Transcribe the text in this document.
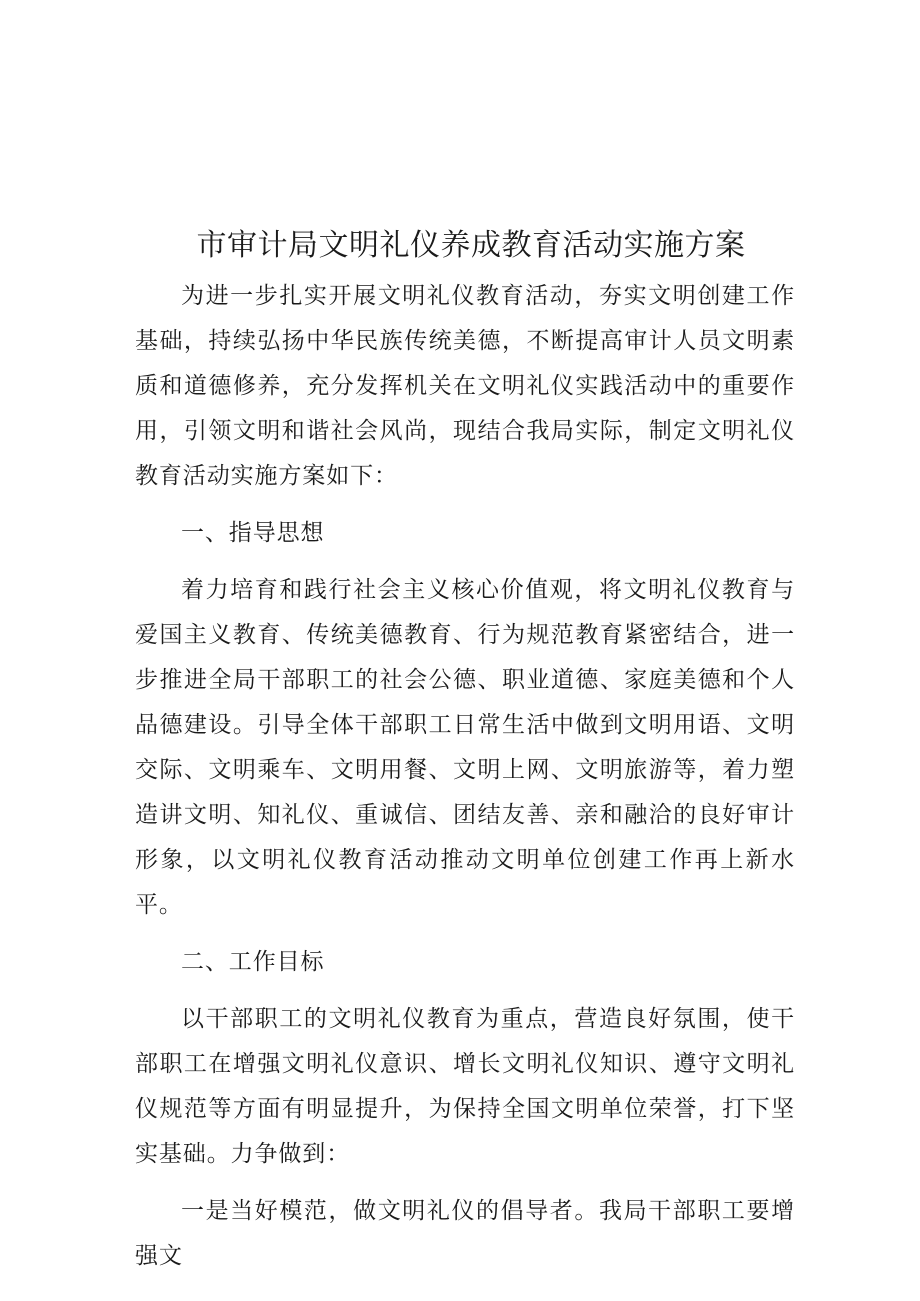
市审计局文明礼仪养成教育活动实施方案

为进一步扎实开展文明礼仪教育活动，夯实文明创建工作基础，持续弘扬中华民族传统美德，不断提高审计人员文明素质和道德修养，充分发挥机关在文明礼仪实践活动中的重要作用，引领文明和谐社会风尚，现结合我局实际，制定文明礼仪教育活动实施方案如下：

一、指导思想

着力培育和践行社会主义核心价值观，将文明礼仪教育与爱国主义教育、传统美德教育、行为规范教育紧密结合，进一步推进全局干部职工的社会公德、职业道德、家庭美德和个人品德建设。引导全体干部职工日常生活中做到文明用语、文明交际、文明乘车、文明用餐、文明上网、文明旅游等，着力塑造讲文明、知礼仪、重诚信、团结友善、亲和融洽的良好审计形象，以文明礼仪教育活动推动文明单位创建工作再上新水平。

二、工作目标

以干部职工的文明礼仪教育为重点，营造良好氛围，使干部职工在增强文明礼仪意识、增长文明礼仪知识、遵守文明礼仪规范等方面有明显提升，为保持全国文明单位荣誉，打下坚实基础。力争做到：

一是当好模范，做文明礼仪的倡导者。我局干部职工要增强文
